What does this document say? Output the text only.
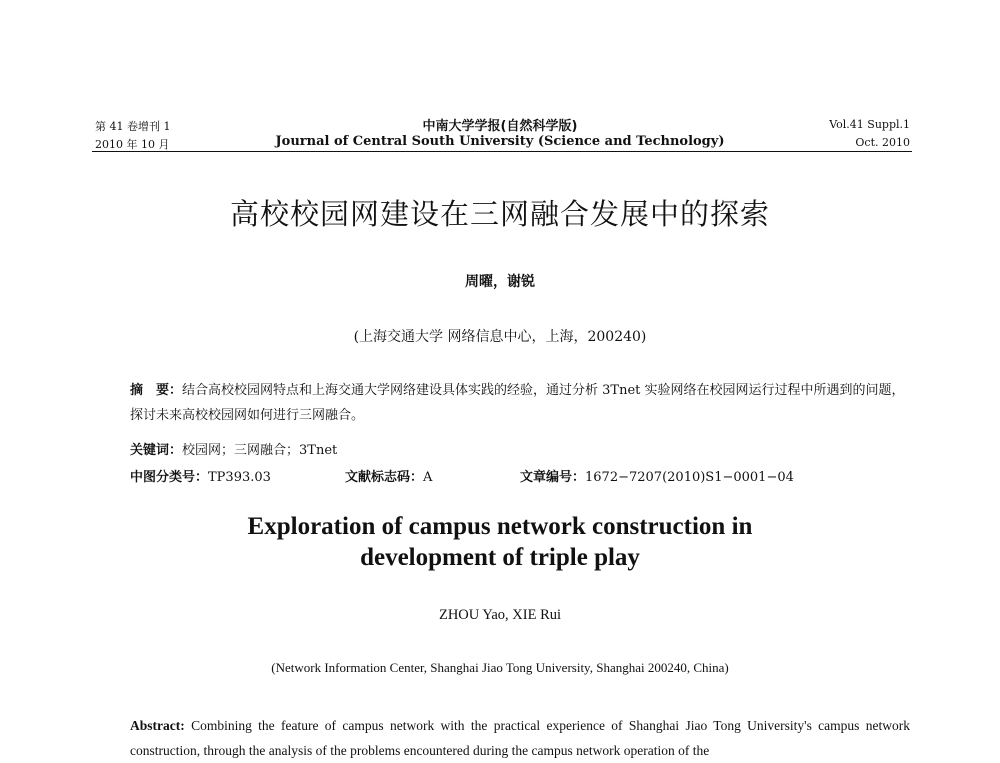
第 41 卷增刊 1
2010 年 10 月
中南大学学报(自然科学版)
Journal of Central South University (Science and Technology)
Vol.41 Suppl.1
Oct. 2010
高校校园网建设在三网融合发展中的探索
周曜，谢锐
(上海交通大学 网络信息中心，上海，200240)
摘　要：结合高校校园网特点和上海交通大学网络建设具体实践的经验，通过分析 3Tnet 实验网络在校园网运行过程中所遇到的问题，探讨未来高校校园网如何进行三网融合。
关键词：校园网；三网融合；3Tnet
中图分类号：TP393.03	文献标志码：A	文章编号：1672−7207(2010)S1−0001−04
Exploration of campus network construction in
development of triple play
ZHOU Yao, XIE Rui
(Network Information Center, Shanghai Jiao Tong University, Shanghai 200240, China)
Abstract: Combining the feature of campus network with the practical experience of Shanghai Jiao Tong University's campus network construction, through the analysis of the problems encountered during the campus network operation of the
